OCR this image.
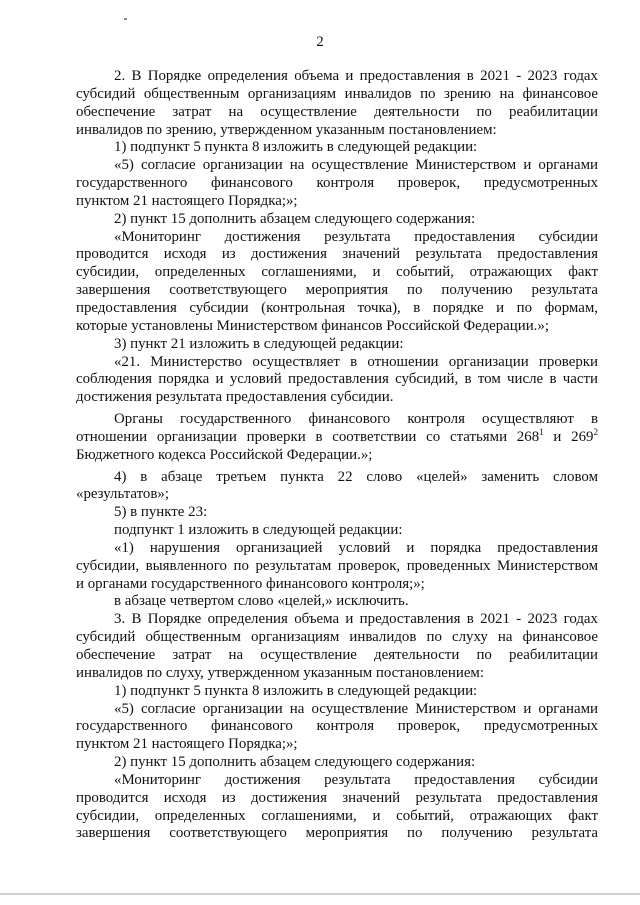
2

2. В Порядке определения объема и предоставления в 2021 - 2023 годах

субсидий общественным организациям инвалидов по зрению на финансовое

обеспечение затрат на осуществление деятельности по реабилитации

инвалидов по зрению, утвержденном указанным постановлением:

1) подпункт 5 пункта 8 изложить в следующей редакции:

«5) согласие организации на осуществление Министерством и органами

государственного финансового контроля проверок, предусмотренных

пунктом 21 настоящего Порядка;»;

2) пункт 15 дополнить абзацем следующего содержания:

«Мониторинг достижения результата предоставления субсидии

проводится исходя из достижения значений результата предоставления

субсидии, определенных соглашениями, и событий, отражающих факт

завершения соответствующего мероприятия по получению результата

предоставления субсидии (контрольная точка), в порядке и по формам,

которые установлены Министерством финансов Российской Федерации.»;

3) пункт 21 изложить в следующей редакции:

«21. Министерство осуществляет в отношении организации проверки

соблюдения порядка и условий предоставления субсидий, в том числе в части

достижения результата предоставления субсидии.

Органы государственного финансового контроля осуществляют в

отношении организации проверки в соответствии со статьями $268^1$ и $269^2$

Бюджетного кодекса Российской Федерации.»;

4) в абзаце третьем пункта 22 слово «целей» заменить словом

«результатов»;

5) в пункте 23:

подпункт 1 изложить в следующей редакции:

«1) нарушения организацией условий и порядка предоставления

субсидии, выявленного по результатам проверок, проведенных Министерством

и органами государственного финансового контроля;»;

в абзаце четвертом слово «целей,» исключить.

3. В Порядке определения объема и предоставления в 2021 - 2023 годах

субсидий общественным организациям инвалидов по слуху на финансовое

обеспечение затрат на осуществление деятельности по реабилитации

инвалидов по слуху, утвержденном указанным постановлением:

1) подпункт 5 пункта 8 изложить в следующей редакции:

«5) согласие организации на осуществление Министерством и органами

государственного финансового контроля проверок, предусмотренных

пунктом 21 настоящего Порядка;»;

2) пункт 15 дополнить абзацем следующего содержания:

«Мониторинг достижения результата предоставления субсидии

проводится исходя из достижения значений результата предоставления

субсидии, определенных соглашениями, и событий, отражающих факт

завершения соответствующего мероприятия по получению результата
